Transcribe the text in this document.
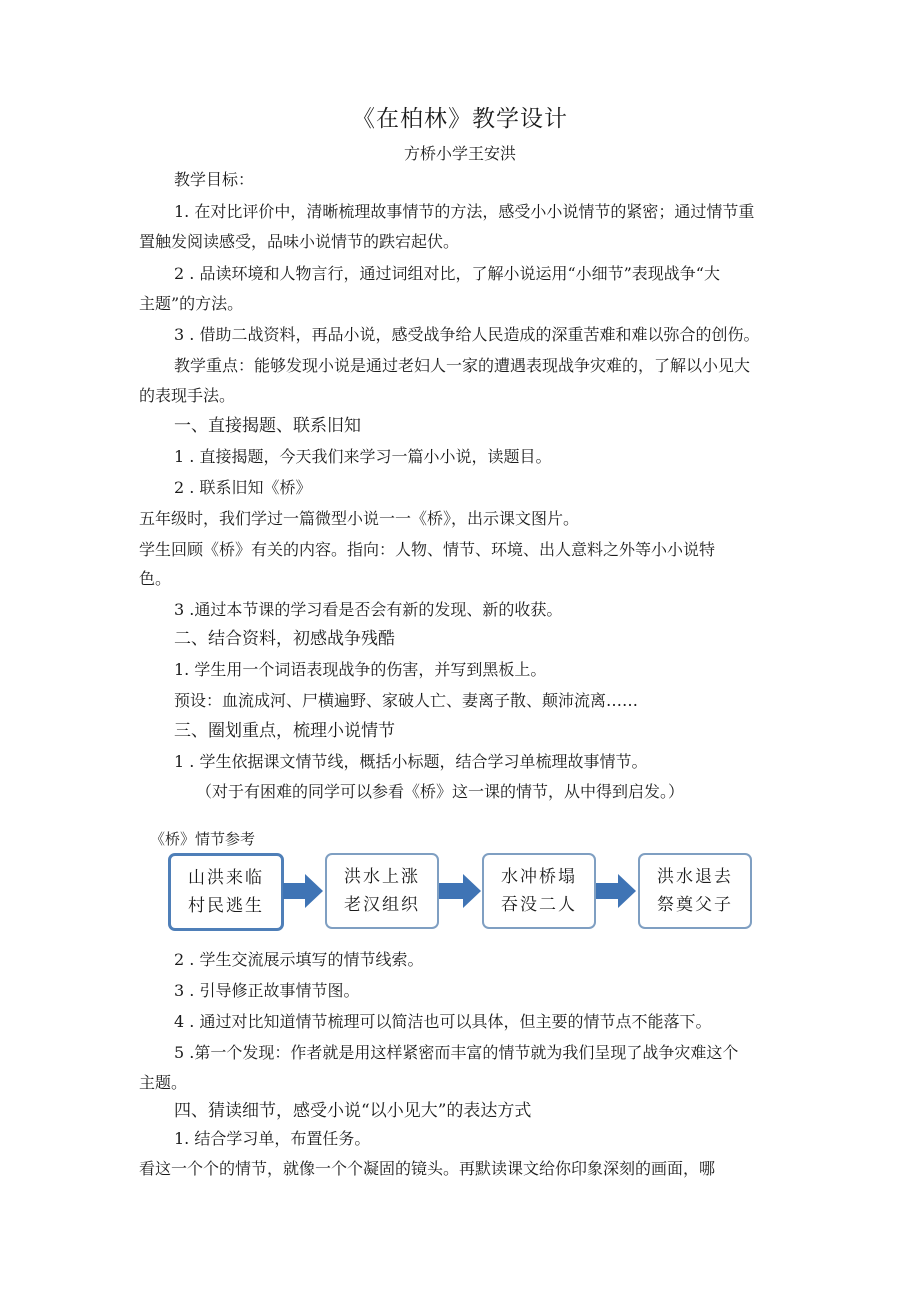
《在柏林》教学设计
方桥小学王安洪
教学目标：
1. 在对比评价中，清晰梳理故事情节的方法，感受小小说情节的紧密；通过情节重
置触发阅读感受，品味小说情节的跌宕起伏。
2 . 品读环境和人物言行，通过词组对比，了解小说运用“小细节”表现战争“大
主题”的方法。
3 . 借助二战资料，再品小说，感受战争给人民造成的深重苦难和难以弥合的创伤。
教学重点：能够发现小说是通过老妇人一家的遭遇表现战争灾难的，了解以小见大
的表现手法。
一、直接揭题、联系旧知
1 . 直接揭题，今天我们来学习一篇小小说，读题目。
2 . 联系旧知《桥》
五年级时，我们学过一篇微型小说一一《桥》，出示课文图片。
学生回顾《桥》有关的内容。指向：人物、情节、环境、出人意料之外等小小说特
色。
3 .通过本节课的学习看是否会有新的发现、新的收获。
二、结合资料，初感战争残酷
1. 学生用一个词语表现战争的伤害，并写到黑板上。
预设：血流成河、尸横遍野、家破人亡、妻离子散、颠沛流离……
三、圈划重点，梳理小说情节
1 . 学生依据课文情节线，概括小标题，结合学习单梳理故事情节。
（对于有困难的同学可以参看《桥》这一课的情节，从中得到启发。）
《桥》情节参考
山洪来临
村民逃生
洪水上涨
老汉组织
水冲桥塌
吞没二人
洪水退去
祭奠父子
2 . 学生交流展示填写的情节线索。
3 . 引导修正故事情节图。
4 . 通过对比知道情节梳理可以简洁也可以具体，但主要的情节点不能落下。
5 .第一个发现：作者就是用这样紧密而丰富的情节就为我们呈现了战争灾难这个
主题。
四、猜读细节，感受小说“以小见大”的表达方式
1. 结合学习单，布置任务。
看这一个个的情节，就像一个个凝固的镜头。再默读课文给你印象深刻的画面，哪
